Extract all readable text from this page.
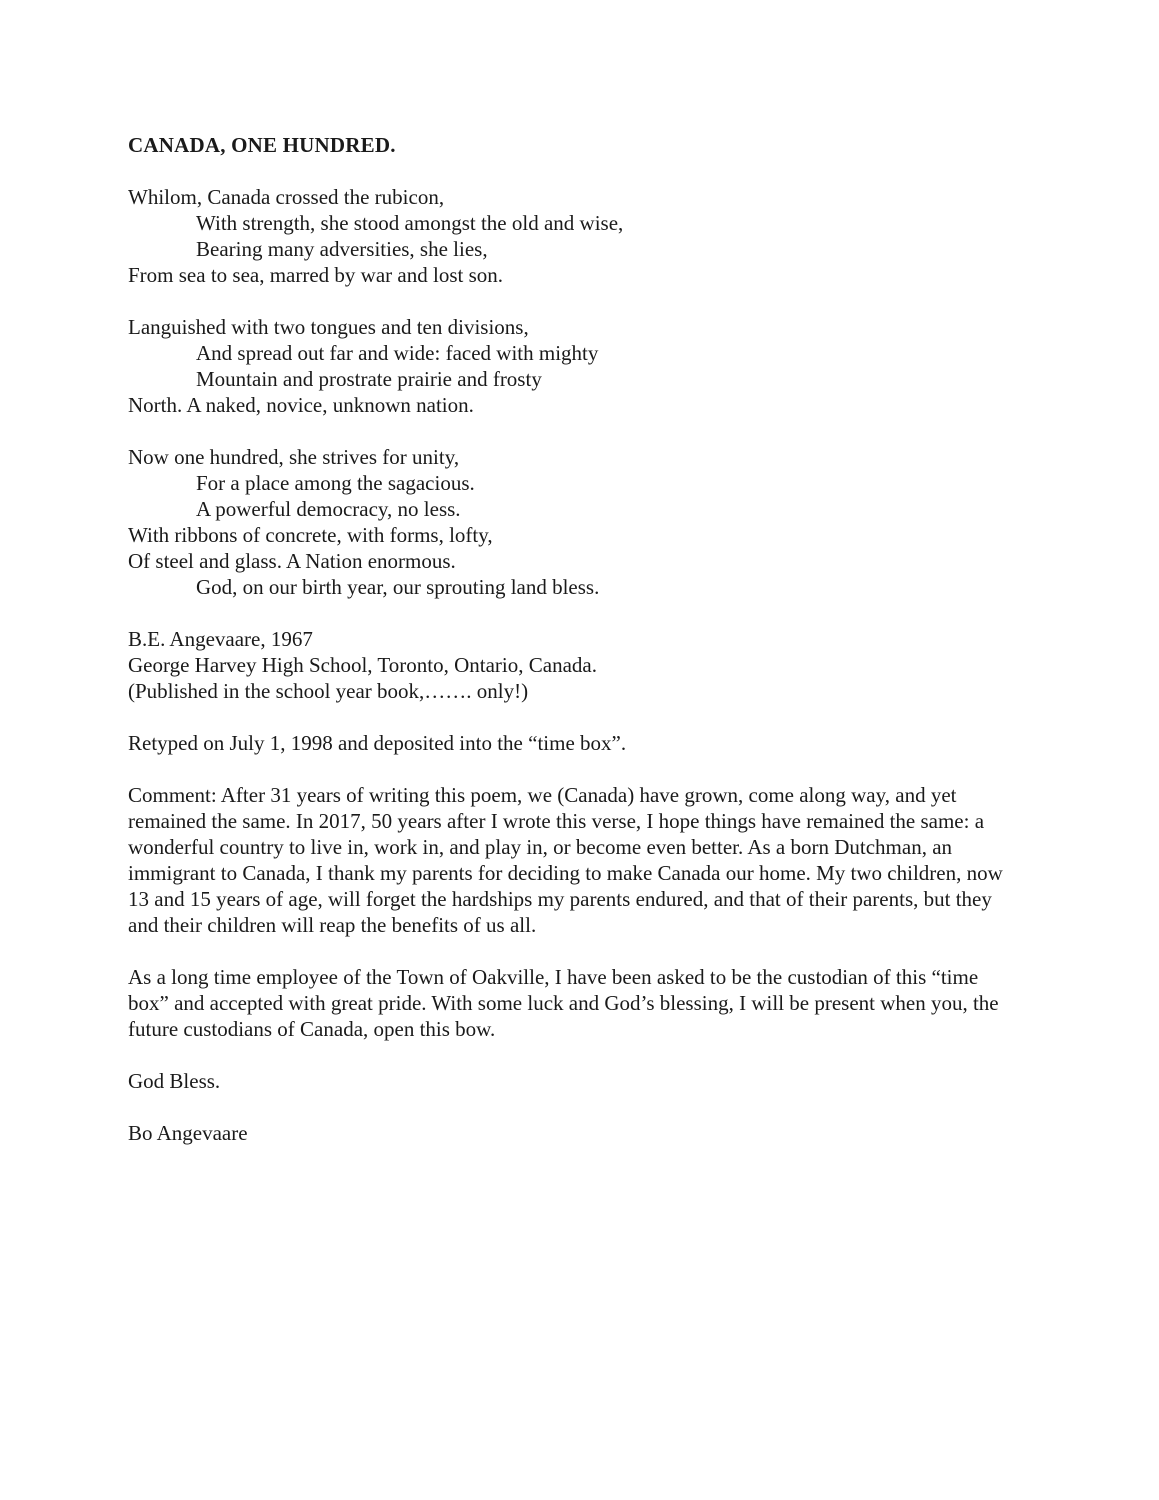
CANADA, ONE HUNDRED.
Whilom, Canada crossed the rubicon,
With strength, she stood amongst the old and wise,
Bearing many adversities, she lies,
From sea to sea, marred by war and lost son.
Languished with two tongues and ten divisions,
And spread out far and wide: faced with mighty
Mountain and prostrate prairie and frosty
North. A naked, novice, unknown nation.
Now one hundred, she strives for unity,
For a place among the sagacious.
A powerful democracy, no less.
With ribbons of concrete, with forms, lofty,
Of steel and glass. A Nation enormous.
God, on our birth year, our sprouting land bless.
B.E. Angevaare, 1967
George Harvey High School, Toronto, Ontario, Canada.
(Published in the school year book,……. only!)

Retyped on July 1, 1998 and deposited into the “time box”.

Comment: After 31 years of writing this poem, we (Canada) have grown, come along way, and yet remained the same. In 2017, 50 years after I wrote this verse, I hope things have remained the same: a wonderful country to live in, work in, and play in, or become even better. As a born Dutchman, an immigrant to Canada, I thank my parents for deciding to make Canada our home. My two children, now 13 and 15 years of age, will forget the hardships my parents endured, and that of their parents, but they and their children will reap the benefits of us all.

As a long time employee of the Town of Oakville, I have been asked to be the custodian of this “time box” and accepted with great pride. With some luck and God’s blessing, I will be present when you, the future custodians of Canada, open this bow.

God Bless.

Bo Angevaare
